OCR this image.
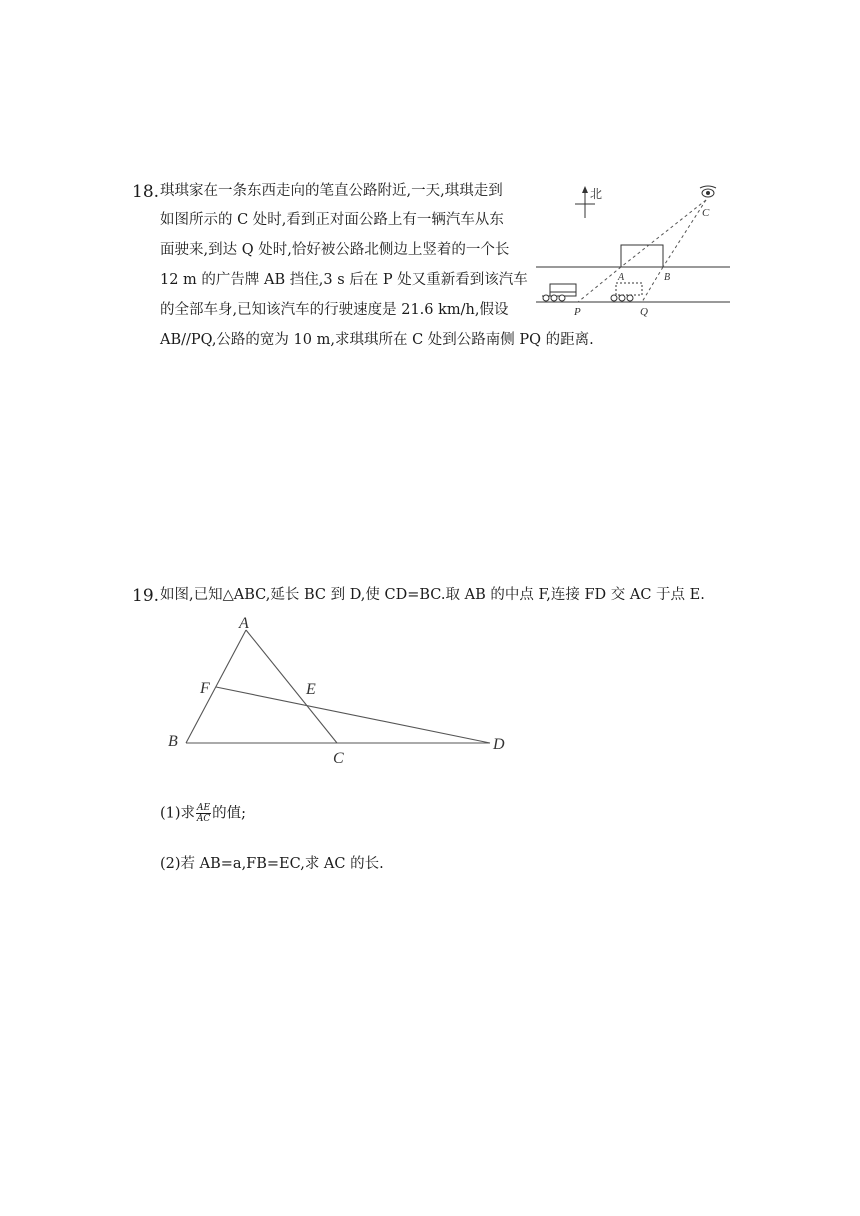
18. 琪琪家在一条东西走向的笔直公路附近,一天,琪琪走到
如图所示的 C 处时,看到正对面公路上有一辆汽车从东
面驶来,到达 Q 处时,恰好被公路北侧边上竖着的一个长
12 m 的广告牌 AB 挡住,3 s 后在 P 处又重新看到该汽车
的全部车身,已知该汽车的行驶速度是 21.6 km/h,假设
AB//PQ,公路的宽为 10 m,求琪琪所在 C 处到公路南侧 PQ 的距离.
北
C
A	B
P	Q
19. 如图,已知△ABC,延长 BC 到 D,使 CD=BC.取 AB 的中点 F,连接 FD 交 AC 于点 E.
A
B
C
D
E
F
(1)求 $\frac{AE}{AC}$ 的值;
(2)若 AB=a,FB=EC,求 AC 的长.
